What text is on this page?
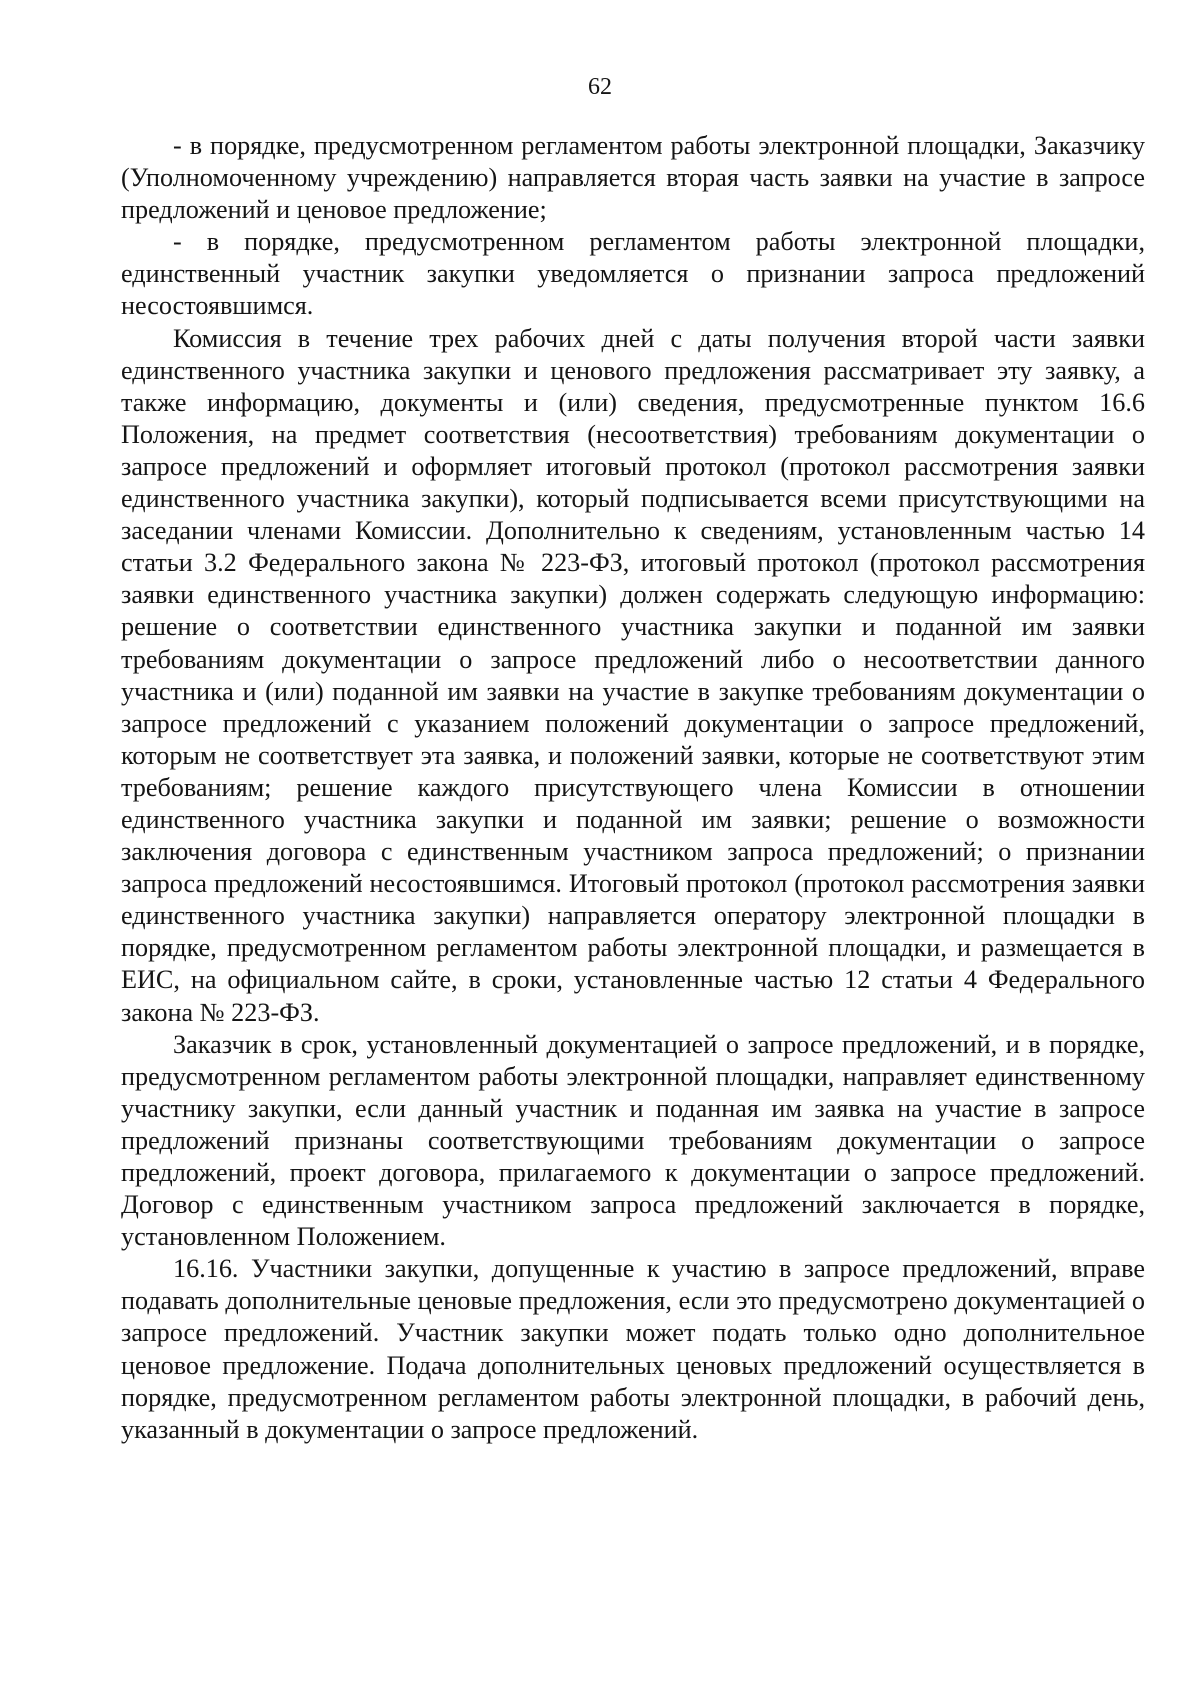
62

- в порядке, предусмотренном регламентом работы электронной площадки, Заказчику (Уполномоченному учреждению) направляется вторая часть заявки на участие в запросе предложений и ценовое предложение;

- в порядке, предусмотренном регламентом работы электронной площадки, единственный участник закупки уведомляется о признании запроса предложений несостоявшимся.

Комиссия в течение трех рабочих дней с даты получения второй части заявки единственного участника закупки и ценового предложения рассматривает эту заявку, а также информацию, документы и (или) сведения, предусмотренные пунктом 16.6 Положения, на предмет соответствия (несоответствия) требованиям документации о запросе предложений и оформляет итоговый протокол (протокол рассмотрения заявки единственного участника закупки), который подписывается всеми присутствующими на заседании членами Комиссии. Дополнительно к сведениям, установленным частью 14 статьи 3.2 Федерального закона № 223-ФЗ, итоговый протокол (протокол рассмотрения заявки единственного участника закупки) должен содержать следующую информацию: решение о соответствии единственного участника закупки и поданной им заявки требованиям документации о запросе предложений либо о несоответствии данного участника и (или) поданной им заявки на участие в закупке требованиям документации о запросе предложений с указанием положений документации о запросе предложений, которым не соответствует эта заявка, и положений заявки, которые не соответствуют этим требованиям; решение каждого присутствующего члена Комиссии в отношении единственного участника закупки и поданной им заявки; решение о возможности заключения договора с единственным участником запроса предложений; о признании запроса предложений несостоявшимся. Итоговый протокол (протокол рассмотрения заявки единственного участника закупки) направляется оператору электронной площадки в порядке, предусмотренном регламентом работы электронной площадки, и размещается в ЕИС, на официальном сайте, в сроки, установленные частью 12 статьи 4 Федерального закона № 223-ФЗ.

Заказчик в срок, установленный документацией о запросе предложений, и в порядке, предусмотренном регламентом работы электронной площадки, направляет единственному участнику закупки, если данный участник и поданная им заявка на участие в запросе предложений признаны соответствующими требованиям документации о запросе предложений, проект договора, прилагаемого к документации о запросе предложений. Договор с единственным участником запроса предложений заключается в порядке, установленном Положением.

16.16. Участники закупки, допущенные к участию в запросе предложений, вправе подавать дополнительные ценовые предложения, если это предусмотрено документацией о запросе предложений. Участник закупки может подать только одно дополнительное ценовое предложение. Подача дополнительных ценовых предложений осуществляется в порядке, предусмотренном регламентом работы электронной площадки, в рабочий день, указанный в документации о запросе предложений.
